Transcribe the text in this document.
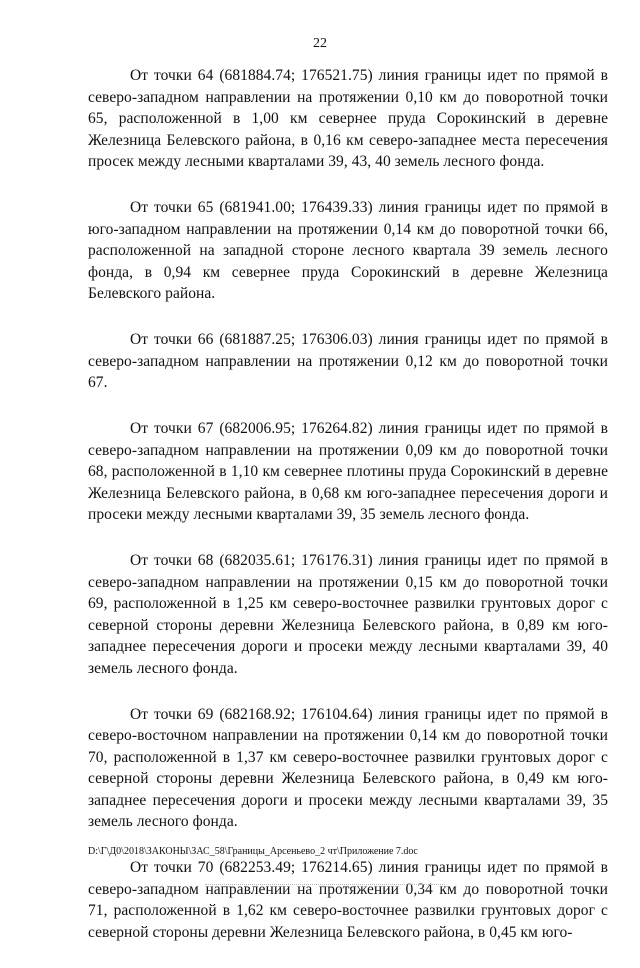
22

От точки 64 (681884.74; 176521.75) линия границы идет по прямой в северо-западном направлении на протяжении 0,10 км до поворотной точки 65, расположенной в 1,00 км севернее пруда Сорокинский в деревне Железница Белевского района, в 0,16 км северо-западнее места пересечения просек между лесными кварталами 39, 43, 40 земель лесного фонда.

От точки 65 (681941.00; 176439.33) линия границы идет по прямой в юго-западном направлении на протяжении 0,14 км до поворотной точки 66, расположенной на западной стороне лесного квартала 39 земель лесного фонда, в 0,94 км севернее пруда Сорокинский в деревне Железница Белевского района.

От точки 66 (681887.25; 176306.03) линия границы идет по прямой в северо-западном направлении на протяжении 0,12 км до поворотной точки 67.

От точки 67 (682006.95; 176264.82) линия границы идет по прямой в северо-западном направлении на протяжении 0,09 км до поворотной точки 68, расположенной в 1,10 км севернее плотины пруда Сорокинский в деревне Железница Белевского района, в 0,68 км юго-западнее пересечения дороги и просеки между лесными кварталами 39, 35 земель лесного фонда.

От точки 68 (682035.61; 176176.31) линия границы идет по прямой в северо-западном направлении на протяжении 0,15 км до поворотной точки 69, расположенной в 1,25 км северо-восточнее развилки грунтовых дорог с северной стороны деревни Железница Белевского района, в 0,89 км юго-западнее пересечения дороги и просеки между лесными кварталами 39, 40 земель лесного фонда.

От точки 69 (682168.92; 176104.64) линия границы идет по прямой в северо-восточном направлении на протяжении 0,14 км до поворотной точки 70, расположенной в 1,37 км северо-восточнее развилки грунтовых дорог с северной стороны деревни Железница Белевского района, в 0,49 км юго-западнее пересечения дороги и просеки между лесными кварталами 39, 35 земель лесного фонда.

От точки 70 (682253.49; 176214.65) линия границы идет по прямой в северо-западном направлении на протяжении 0,34 км до поворотной точки 71, расположенной в 1,62 км северо-восточнее развилки грунтовых дорог с северной стороны деревни Железница Белевского района, в 0,45 км юго-

D:\Г\Д0\2018\ЗАКОНЫ\ЗАС_58\Границы_Арсеньево_2 чт\Приложение 7.doc
